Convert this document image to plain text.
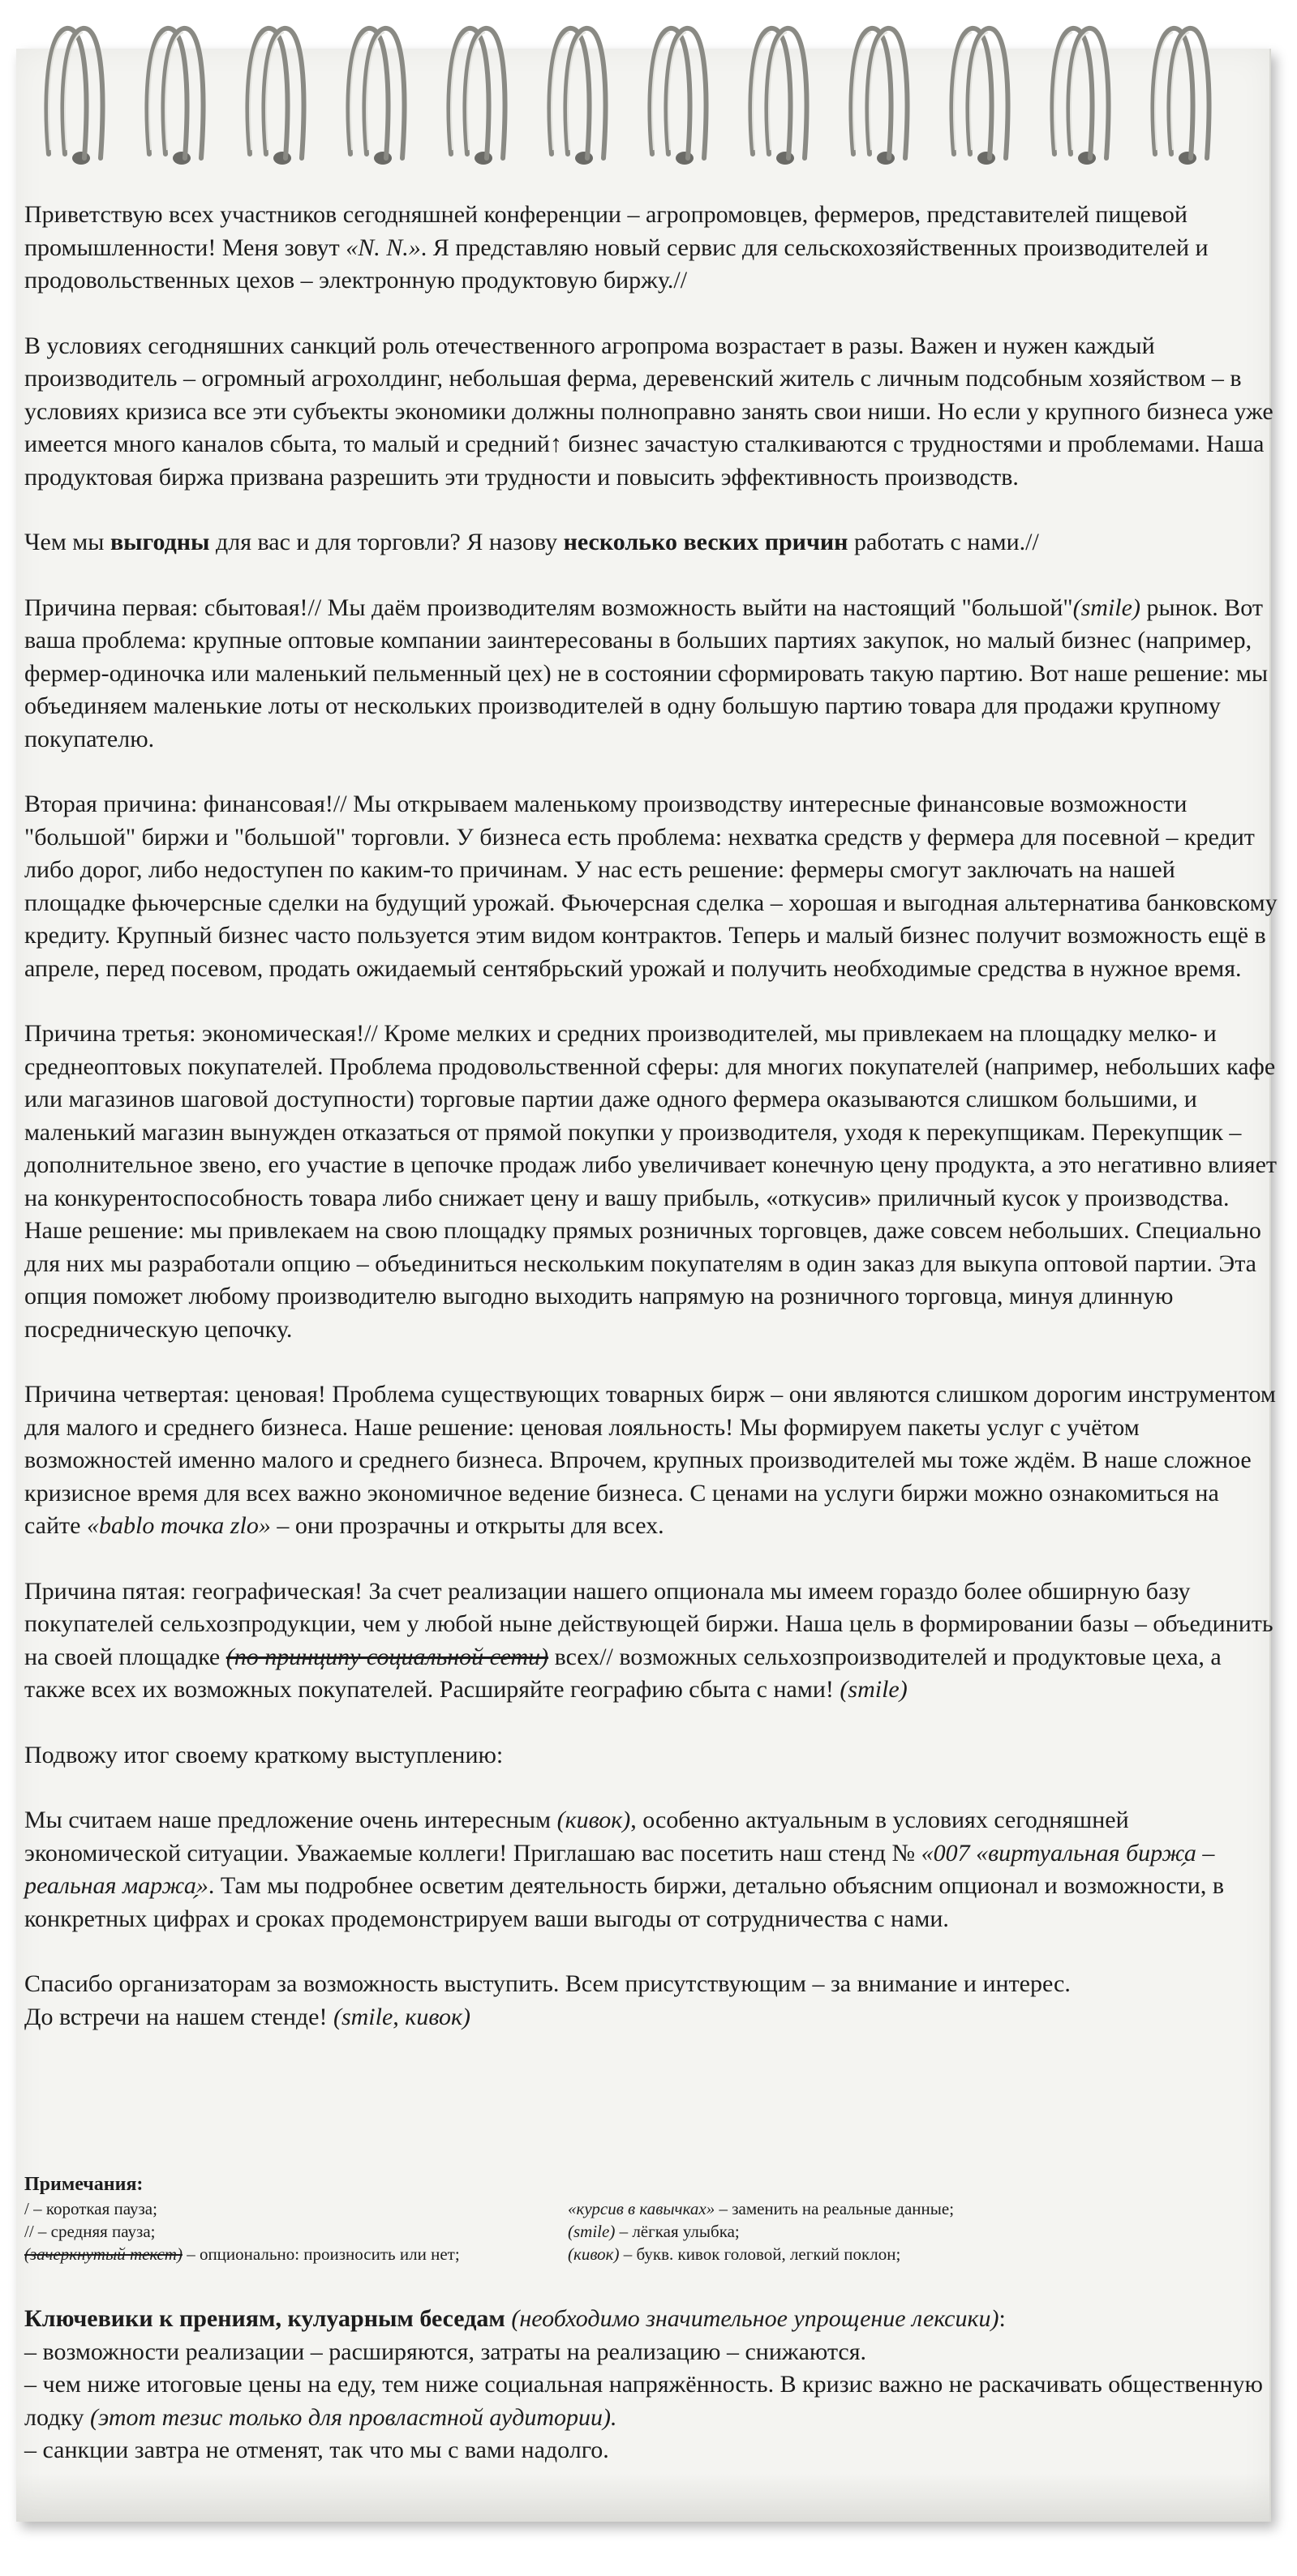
Приветствую всех участников сегодняшней конференции – агропромовцев, фермеров, представителей пищевой промышленности! Меня зовут «N. N.». Я представляю новый сервис для сельскохозяйственных производителей и продовольственных цехов – электронную продуктовую биржу.//

В условиях сегодняшних санкций роль отечественного агропрома возрастает в разы. Важен и нужен каждый производитель – огромный агрохолдинг, небольшая ферма, деревенский житель с личным подсобным хозяйством – в условиях кризиса все эти субъекты экономики должны полноправно занять свои ниши. Но если у крупного бизнеса уже имеется много каналов сбыта, то малый и средний↑ бизнес зачастую сталкиваются с трудностями и проблемами. Наша продуктовая биржа призвана разрешить эти трудности и повысить эффективность производств.

Чем мы выгодны для вас и для торговли? Я назову несколько веских причин работать с нами.//

Причина первая: сбытовая!// Мы даём производителям возможность выйти на настоящий "большой"(smile) рынок. Вот ваша проблема: крупные оптовые компании заинтересованы в больших партиях закупок, но малый бизнес (например, фермер-одиночка или маленький пельменный цех) не в состоянии сформировать такую партию. Вот наше решение: мы объединяем маленькие лоты от нескольких производителей в одну большую партию товара для продажи крупному покупателю.

Вторая причина: финансовая!// Мы открываем маленькому производству интересные финансовые возможности "большой" биржи и "большой" торговли. У бизнеса есть проблема: нехватка средств у фермера для посевной – кредит либо дорог, либо недоступен по каким-то причинам. У нас есть решение: фермеры смогут заключать на нашей площадке фьючерсные сделки на будущий урожай. Фьючерсная сделка – хорошая и выгодная альтернатива банковскому кредиту. Крупный бизнес часто пользуется этим видом контрактов. Теперь и малый бизнес получит возможность ещё в апреле, перед посевом, продать ожидаемый сентябрьский урожай и получить необходимые средства в нужное время.

Причина третья: экономическая!// Кроме мелких и средних производителей, мы привлекаем на площадку мелко- и среднеоптовых покупателей. Проблема продовольственной сферы: для многих покупателей (например, небольших кафе или магазинов шаговой доступности) торговые партии даже одного фермера оказываются слишком большими, и маленький магазин вынужден отказаться от прямой покупки у производителя, уходя к перекупщикам. Перекупщик – дополнительное звено, его участие в цепочке продаж либо увеличивает конечную цену продукта, а это негативно влияет на конкурентоспособность товара либо снижает цену и вашу прибыль, «откусив» приличный кусок у производства. Наше решение: мы привлекаем на свою площадку прямых розничных торговцев, даже совсем небольших. Специально для них мы разработали опцию – объединиться нескольким покупателям в один заказ для выкупа оптовой партии. Эта опция поможет любому производителю выгодно выходить напрямую на розничного торговца, минуя длинную посредническую цепочку.

Причина четвертая: ценовая! Проблема существующих товарных бирж – они являются слишком дорогим инструментом для малого и среднего бизнеса. Наше решение: ценовая лояльность! Мы формируем пакеты услуг с учётом возможностей именно малого и среднего бизнеса. Впрочем, крупных производителей мы тоже ждём. В наше сложное кризисное время для всех важно экономичное ведение бизнеса. С ценами на услуги биржи можно ознакомиться на сайте «bablo точка zlo» – они прозрачны и открыты для всех.

Причина пятая: географическая! За счет реализации нашего опционала мы имеем гораздо более обширную базу покупателей сельхозпродукции, чем у любой ныне действующей биржи. Наша цель в формировании базы – объединить на своей площадке (по принципу социальной сети) всех// возможных сельхозпроизводителей и продуктовые цеха, а также всех их возможных покупателей. Расширяйте географию сбыта с нами! (smile)

Подвожу итог своему краткому выступлению:

Мы считаем наше предложение очень интересным (кивок), особенно актуальным в условиях сегодняшней экономической ситуации. Уважаемые коллеги! Приглашаю вас посетить наш стенд № «007 «виртуальная бирж̗а – реальная маржа̗». Там мы подробнее осветим деятельность биржи, детально объясним опционал и возможности, в конкретных цифрах и сроках продемонстрируем ваши выгоды от сотрудничества с нами.

Спасибо организаторам за возможность выступить. Всем присутствующим – за внимание и интерес.
До встречи на нашем стенде! (smile, кивок)

Примечания:
/ – короткая пауза;	«курсив в кавычках» – заменить на реальные данные;
// – средняя пауза;	(smile) – лёгкая улыбка;
(зачеркнутый текст) – опционально: произносить или нет;	(кивок) – букв. кивок головой, легкий поклон;
Ключевики к прениям, кулуарным беседам (необходимо значительное упрощение лексики):
– возможности реализации – расширяются, затраты на реализацию – снижаются.
– чем ниже итоговые цены на еду, тем ниже социальная напряжённость. В кризис важно не раскачивать общественную лодку (этот тезис только для провластной аудитории).
– санкции завтра не отменят, так что мы с вами надолго.
